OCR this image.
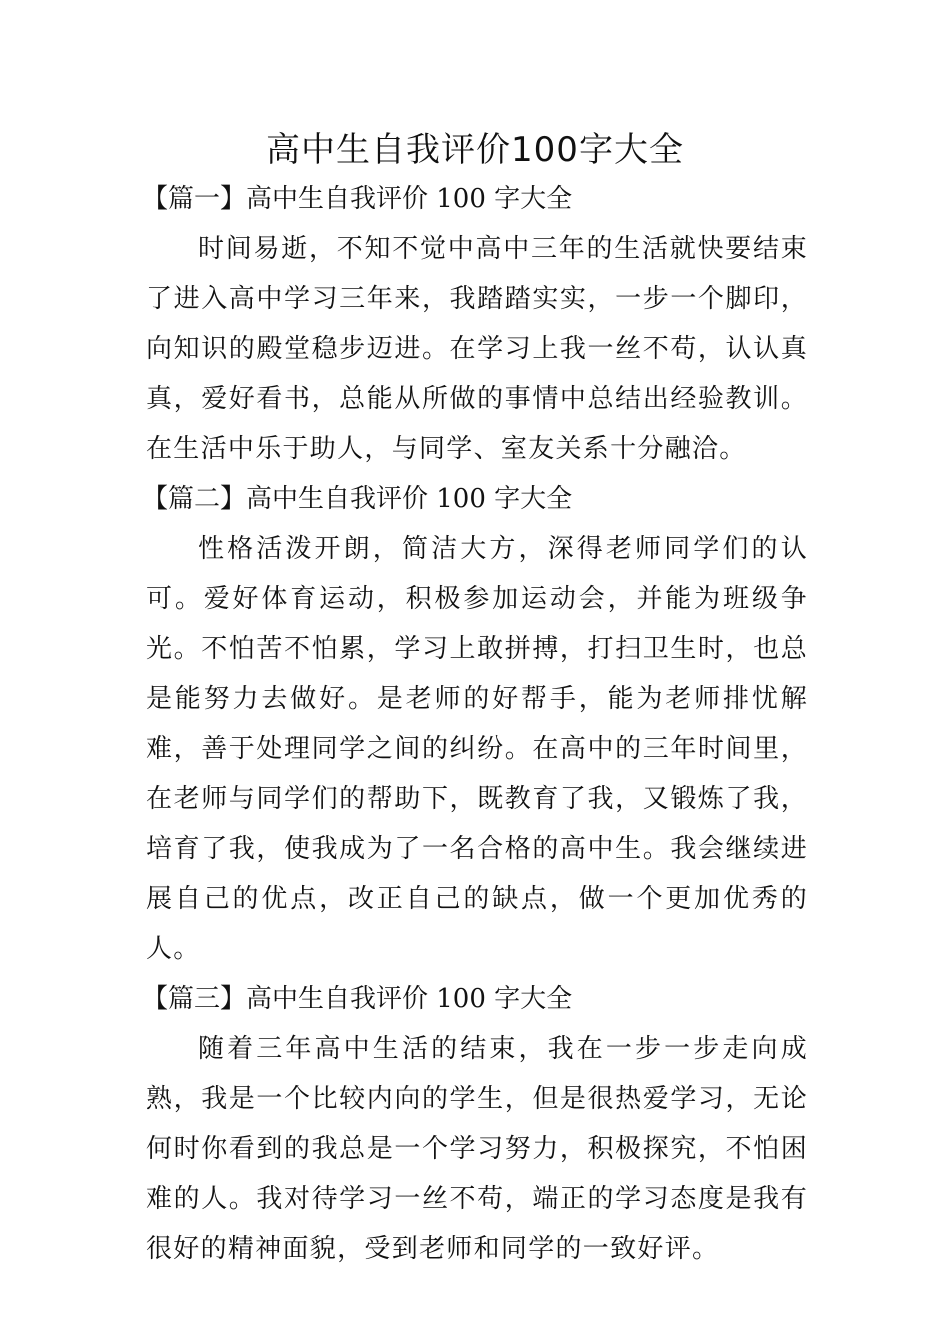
高中生自我评价100字大全
【篇一】高中生自我评价 100 字大全

时间易逝，不知不觉中高中三年的生活就快要结束了进入高中学习三年来，我踏踏实实，一步一个脚印，向知识的殿堂稳步迈进。在学习上我一丝不苟，认认真真，爱好看书，总能从所做的事情中总结出经验教训。在生活中乐于助人，与同学、室友关系十分融洽。

【篇二】高中生自我评价 100 字大全

性格活泼开朗，简洁大方，深得老师同学们的认可。爱好体育运动，积极参加运动会，并能为班级争光。不怕苦不怕累，学习上敢拼搏，打扫卫生时，也总是能努力去做好。是老师的好帮手，能为老师排忧解难，善于处理同学之间的纠纷。在高中的三年时间里，在老师与同学们的帮助下，既教育了我，又锻炼了我，培育了我，使我成为了一名合格的高中生。我会继续进展自己的优点，改正自己的缺点，做一个更加优秀的人。

【篇三】高中生自我评价 100 字大全

随着三年高中生活的结束，我在一步一步走向成熟，我是一个比较内向的学生，但是很热爱学习，无论何时你看到的我总是一个学习努力，积极探究，不怕困难的人。我对待学习一丝不苟，端正的学习态度是我有很好的精神面貌，受到老师和同学的一致好评。
